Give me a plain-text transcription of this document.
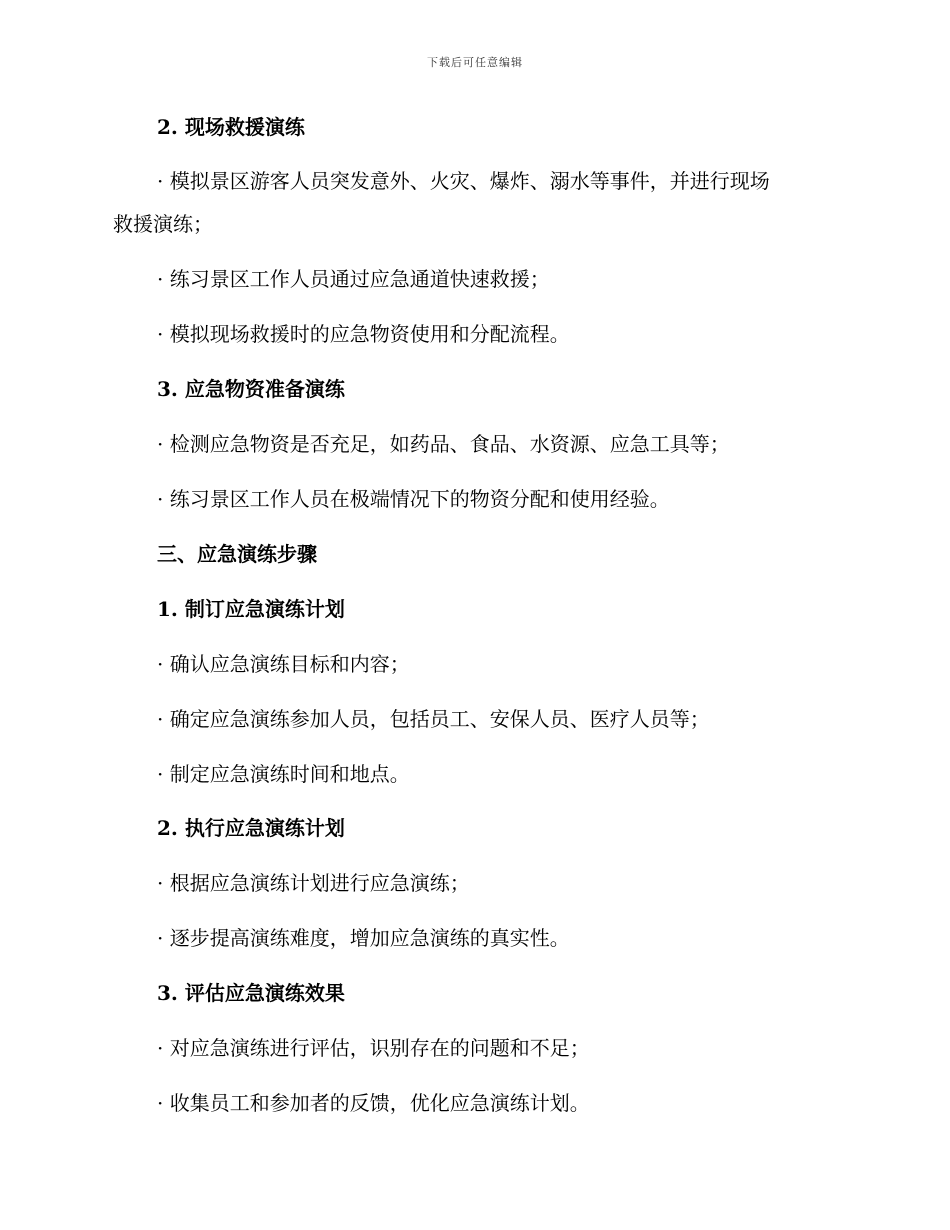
下载后可任意编辑
2. 现场救援演练
· 模拟景区游客人员突发意外、火灾、爆炸、溺水等事件，并进行现场
救援演练；
· 练习景区工作人员通过应急通道快速救援；
· 模拟现场救援时的应急物资使用和分配流程。
3. 应急物资准备演练
· 检测应急物资是否充足，如药品、食品、水资源、应急工具等；
· 练习景区工作人员在极端情况下的物资分配和使用经验。
三、应急演练步骤
1. 制订应急演练计划
· 确认应急演练目标和内容；
· 确定应急演练参加人员，包括员工、安保人员、医疗人员等；
· 制定应急演练时间和地点。
2. 执行应急演练计划
· 根据应急演练计划进行应急演练；
· 逐步提高演练难度，增加应急演练的真实性。
3. 评估应急演练效果
· 对应急演练进行评估，识别存在的问题和不足；
· 收集员工和参加者的反馈，优化应急演练计划。
